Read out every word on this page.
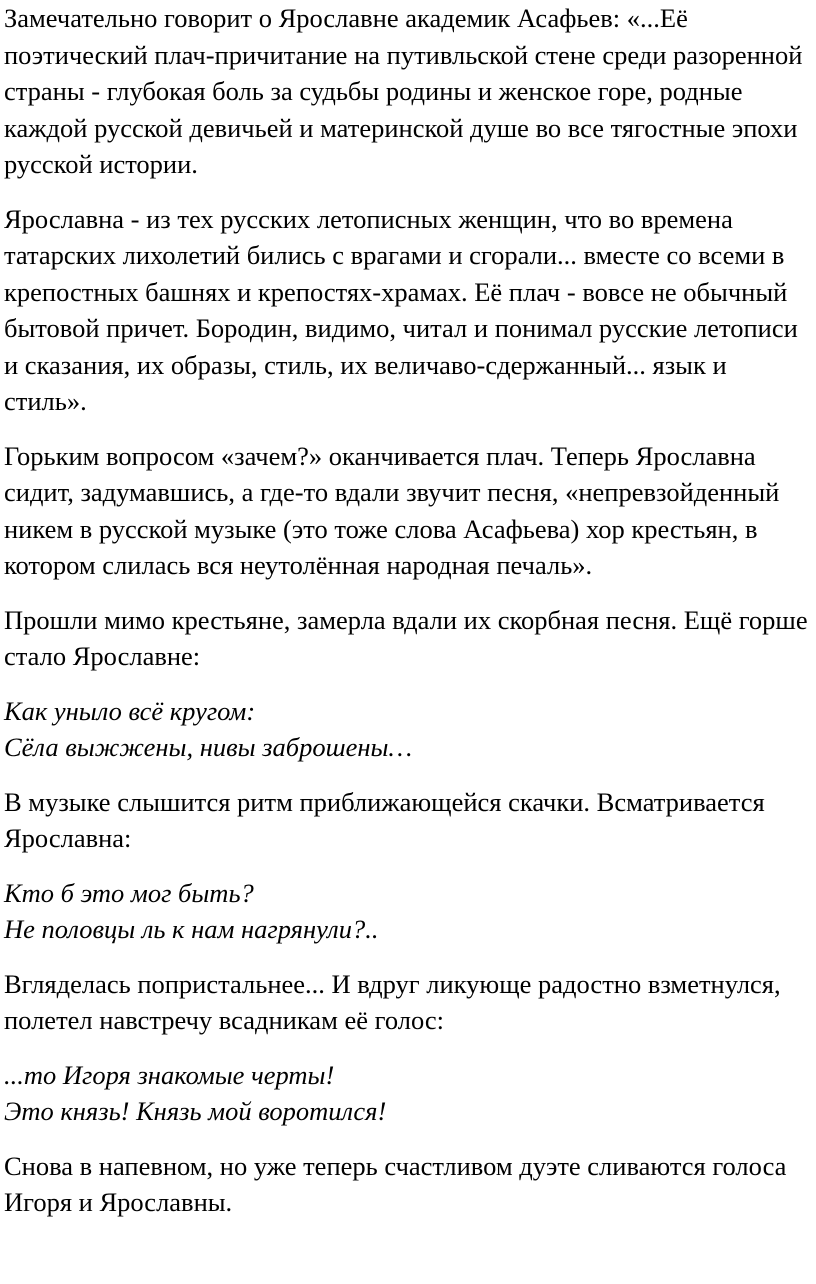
Замечательно говорит о Ярославне академик Асафьев: «...Её поэтический плач-причитание на путивльской стене среди разоренной страны - глубокая боль за судьбы родины и женское горе, родные каждой русской девичьей и материнской душе во все тягостные эпохи русской истории.

Ярославна - из тех русских летописных женщин, что во времена татарских лихолетий бились с врагами и сгорали... вместе со всеми в крепостных башнях и крепостях-храмах. Её плач - вовсе не обычный бытовой причет. Бородин, видимо, читал и понимал русские летописи и сказания, их образы, стиль, их величаво-сдержанный... язык и стиль».

Горьким вопросом «зачем?» оканчивается плач. Теперь Ярославна сидит, задумавшись, а где-то вдали звучит песня, «непревзойденный никем в русской музыке (это тоже слова Асафьева) хор крестьян, в котором слилась вся неутолённая народная печаль».

Прошли мимо крестьяне, замерла вдали их скорбная песня. Ещё горше стало Ярославне:

Как уныло всё кругом:
Сёла выжжены, нивы заброшены…

В музыке слышится ритм приближающейся скачки. Всматривается Ярославна:

Кто б это мог быть?
Не половцы ль к нам нагрянули?..

Вгляделась попристальнее... И вдруг ликующе радостно взметнулся, полетел навстречу всадникам её голос:

...то Игоря знакомые черты!
Это князь! Князь мой воротился!

Снова в напевном, но уже теперь счастливом дуэте сливаются голоса Игоря и Ярославны.
